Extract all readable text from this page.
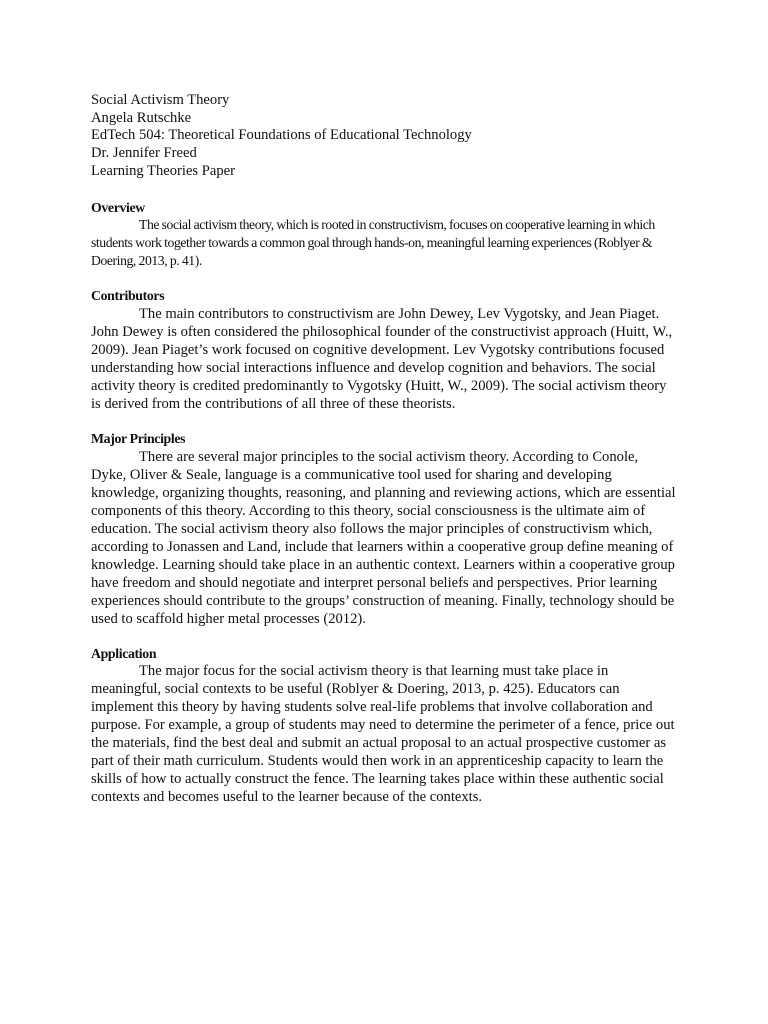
Social Activism Theory
Angela Rutschke
EdTech 504: Theoretical Foundations of Educational Technology
Dr. Jennifer Freed
Learning Theories Paper
Overview
The social activism theory, which is rooted in constructivism, focuses on cooperative learning in which students work together towards a common goal through hands-on, meaningful learning experiences (Roblyer & Doering, 2013, p. 41).
Contributors
The main contributors to constructivism are John Dewey, Lev Vygotsky, and Jean Piaget. John Dewey is often considered the philosophical founder of the constructivist approach (Huitt, W., 2009). Jean Piaget’s work focused on cognitive development. Lev Vygotsky contributions focused understanding how social interactions influence and develop cognition and behaviors. The social activity theory is credited predominantly to Vygotsky (Huitt, W., 2009). The social activism theory is derived from the contributions of all three of these theorists.
Major Principles
There are several major principles to the social activism theory. According to Conole, Dyke, Oliver & Seale, language is a communicative tool used for sharing and developing knowledge, organizing thoughts, reasoning, and planning and reviewing actions, which are essential components of this theory. According to this theory, social consciousness is the ultimate aim of education. The social activism theory also follows the major principles of constructivism which, according to Jonassen and Land, include that learners within a cooperative group define meaning of knowledge. Learning should take place in an authentic context. Learners within a cooperative group have freedom and should negotiate and interpret personal beliefs and perspectives. Prior learning experiences should contribute to the groups’ construction of meaning. Finally, technology should be used to scaffold higher metal processes (2012).
Application
The major focus for the social activism theory is that learning must take place in meaningful, social contexts to be useful (Roblyer & Doering, 2013, p. 425). Educators can implement this theory by having students solve real-life problems that involve collaboration and purpose. For example, a group of students may need to determine the perimeter of a fence, price out the materials, find the best deal and submit an actual proposal to an actual prospective customer as part of their math curriculum. Students would then work in an apprenticeship capacity to learn the skills of how to actually construct the fence. The learning takes place within these authentic social contexts and becomes useful to the learner because of the contexts.
